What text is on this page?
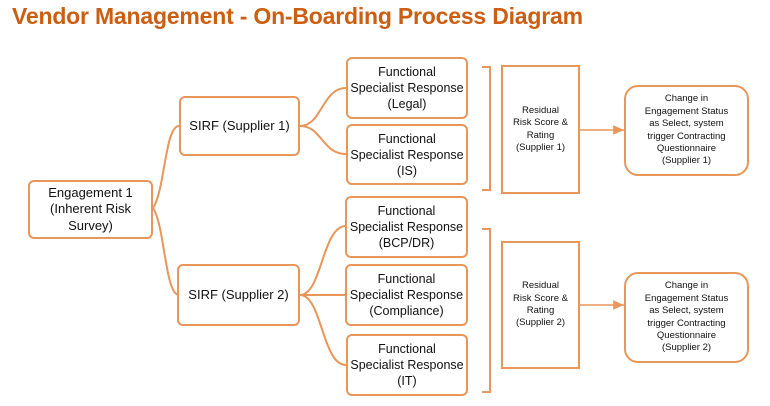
Vendor Management - On-Boarding Process Diagram
Engagement 1
(Inherent Risk
Survey)
SIRF (Supplier 1)
SIRF (Supplier 2)
Functional
Specialist Response
(Legal)
Functional
Specialist Response
(IS)
Functional
Specialist Response
(BCP/DR)
Functional
Specialist Response
(Compliance)
Functional
Specialist Response
(IT)
Residual
Risk Score &
Rating
(Supplier 1)
Residual
Risk Score &
Rating
(Supplier 2)
Change in
Engagement Status
as Select, system
trigger Contracting
Questionnaire
(Supplier 1)
Change in
Engagement Status
as Select, system
trigger Contracting
Questionnaire
(Supplier 2)
